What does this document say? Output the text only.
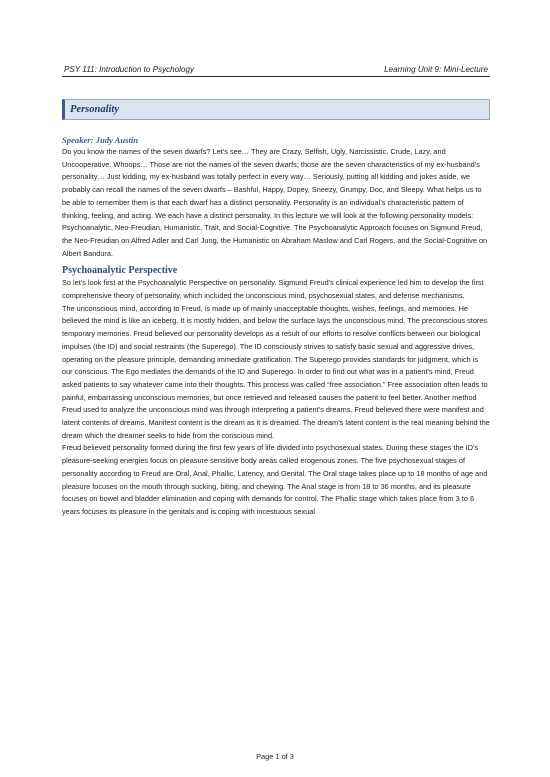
PSY 111: Introduction to Psychology	Learning Unit 9: Mini-Lecture
Personality
Speaker: Judy Austin

Do you know the names of the seven dwarfs? Let’s see… They are Crazy, Selfish, Ugly, Narcissistic, Crude, Lazy, and Uncooperative. Whoops… Those are not the names of the seven dwarfs; those are the seven characteristics of my ex-husband’s personality… Just kidding, my ex-husband was totally perfect in every way… Seriously, putting all kidding and jokes aside, we probably can recall the names of the seven dwarfs – Bashful, Happy, Dopey, Sneezy, Grumpy, Doc, and Sleepy. What helps us to be able to remember them is that each dwarf has a distinct personality. Personality is an individual’s characteristic pattern of thinking, feeling, and acting. We each have a distinct personality. In this lecture we will look at the following personality models: Psychoanalytic, Neo-Freudian, Humanistic, Trait, and Social-Cognitive. The Psychoanalytic Approach focuses on Sigmund Freud, the Neo-Freudian on Alfred Adler and Carl Jung, the Humanistic on Abraham Maslow and Carl Rogers, and the Social-Cognitive on Albert Bandura.

Psychoanalytic Perspective

So let’s look first at the Psychoanalytic Perspective on personality. Sigmund Freud’s clinical experience led him to develop the first comprehensive theory of personality, which included the unconscious mind, psychosexual states, and defense mechanisms.

The unconscious mind, according to Freud, is made up of mainly unacceptable thoughts, wishes, feelings, and memories. He believed the mind is like an iceberg. It is mostly hidden, and below the surface lays the unconscious mind. The preconscious stores temporary memories. Freud believed our personality develops as a result of our efforts to resolve conflicts between our biological impulses (the ID) and social restraints (the Superego). The ID consciously strives to satisfy basic sexual and aggressive drives, operating on the pleasure principle, demanding immediate gratification. The Superego provides standards for judgment, which is our conscious. The Ego mediates the demands of the ID and Superego. In order to find out what was in a patient’s mind, Freud asked patients to say whatever came into their thoughts. This process was called “free association.” Free association often leads to painful, embarrassing unconscious memories, but once retrieved and released causes the patient to feel better. Another method Freud used to analyze the unconscious mind was through interpreting a patient’s dreams. Freud believed there were manifest and latent contents of dreams. Manifest content is the dream as it is dreamed. The dream’s latent content is the real meaning behind the dream which the dreamer seeks to hide from the conscious mind.

Freud believed personality formed during the first few years of life divided into psychosexual states. During these stages the ID’s pleasure-seeking energies focus on pleasure sensitive body areas called erogenous zones. The five psychosexual stages of personality according to Freud are Oral, Anal, Phallic, Latency, and Genital. The Oral stage takes place up to 18 months of age and pleasure focuses on the mouth through sucking, biting, and chewing. The Anal stage is from 18 to 36 months, and its pleasure focuses on bowel and bladder elimination and coping with demands for control. The Phallic stage which takes place from 3 to 6 years focuses its pleasure in the genitals and is coping with incestuous sexual

Page 1 of 3
